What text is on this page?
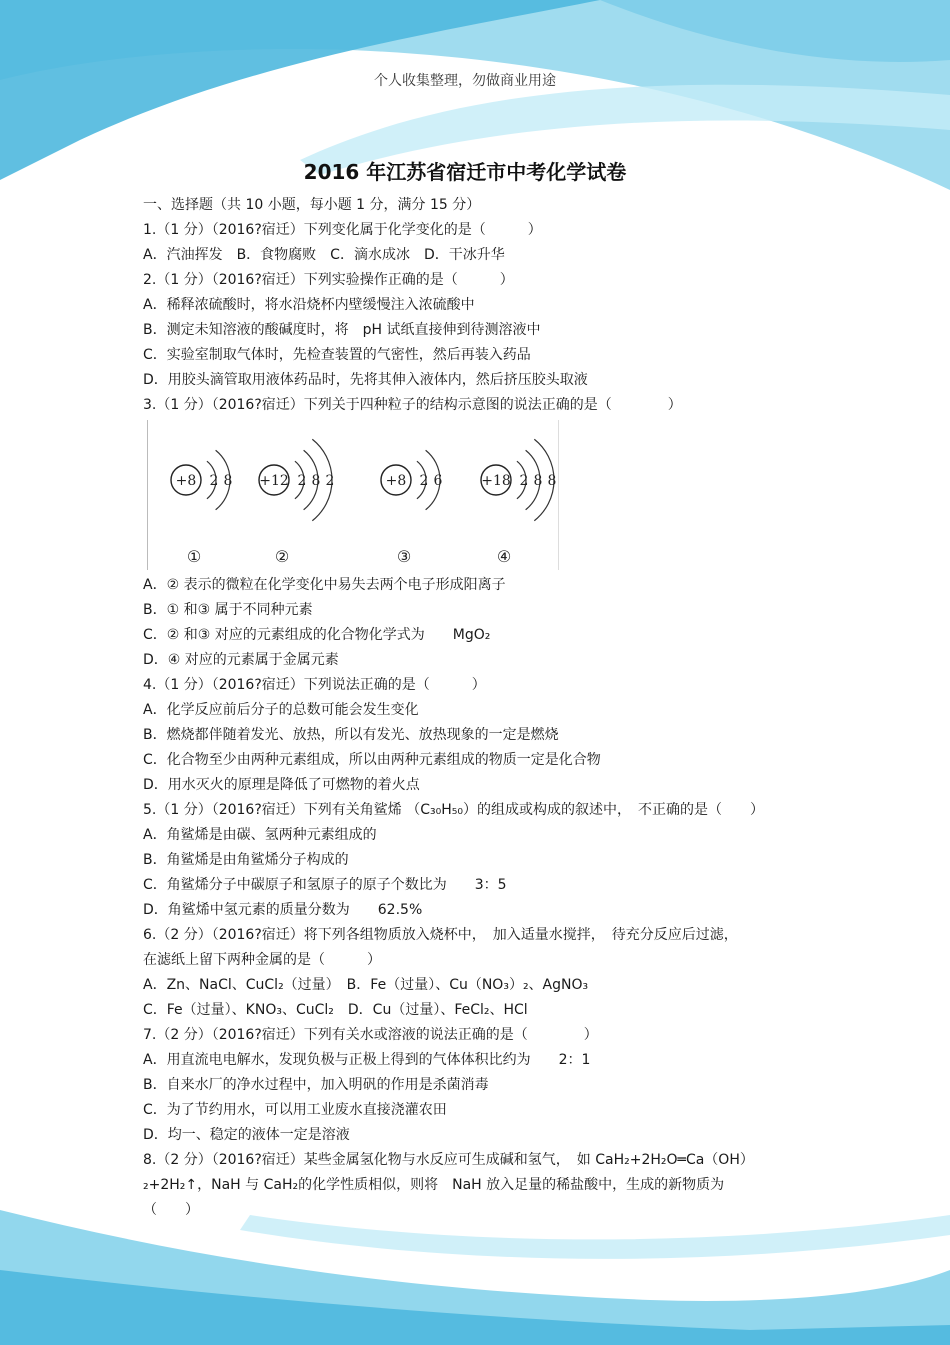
个人收集整理，勿做商业用途
2016 年江苏省宿迁市中考化学试卷
一、选择题（共 10 小题，每小题 1 分，满分 15 分）
1.（1 分）（2016?宿迁）下列变化属于化学变化的是（　　　）
A．汽油挥发　B．食物腐败　C．滴水成冰　D．干冰升华
2.（1 分）（2016?宿迁）下列实验操作正确的是（　　　）
A．稀释浓硫酸时，将水沿烧杯内壁缓慢注入浓硫酸中
B．测定未知溶液的酸碱度时，将　pH 试纸直接伸到待测溶液中
C．实验室制取气体时，先检查装置的气密性，然后再装入药品
D．用胶头滴管取用液体药品时，先将其伸入液体内，然后挤压胶头取液
3.（1 分）（2016?宿迁）下列关于四种粒子的结构示意图的说法正确的是（　　　　）
+8 2 8
①
+12 2 8 2
②
+8 2 6
③
+18 2 8 8
④
A．② 表示的微粒在化学变化中易失去两个电子形成阳离子
B．① 和③ 属于不同种元素
C．② 和③ 对应的元素组成的化合物化学式为　　MgO₂
D．④ 对应的元素属于金属元素
4.（1 分）（2016?宿迁）下列说法正确的是（　　　）
A．化学反应前后分子的总数可能会发生变化
B．燃烧都伴随着发光、放热，所以有发光、放热现象的一定是燃烧
C．化合物至少由两种元素组成，所以由两种元素组成的物质一定是化合物
D．用水灭火的原理是降低了可燃物的着火点
5.（1 分）（2016?宿迁）下列有关角鲨烯 （C₃₀H₅₀）的组成或构成的叙述中，　不正确的是（　　）
A．角鲨烯是由碳、氢两种元素组成的
B．角鲨烯是由角鲨烯分子构成的
C．角鲨烯分子中碳原子和氢原子的原子个数比为　　3：5
D．角鲨烯中氢元素的质量分数为　　62.5%
6.（2 分）（2016?宿迁）将下列各组物质放入烧杯中，　加入适量水搅拌，　待充分反应后过滤，
在滤纸上留下两种金属的是（　　　）
A．Zn、NaCl、CuCl₂（过量）　B．Fe（过量）、Cu（NO₃）₂、AgNO₃
C．Fe（过量）、KNO₃、CuCl₂　D．Cu（过量）、FeCl₂、HCl
7.（2 分）（2016?宿迁）下列有关水或溶液的说法正确的是（　　　　）
A．用直流电电解水，发现负极与正极上得到的气体体积比约为　　2：1
B．自来水厂的净水过程中，加入明矾的作用是杀菌消毒
C．为了节约用水，可以用工业废水直接浇灌农田
D．均一、稳定的液体一定是溶液
8.（2 分）（2016?宿迁）某些金属氢化物与水反应可生成碱和氢气，　如 CaH₂+2H₂O═Ca（OH）
₂+2H₂↑，NaH 与 CaH₂的化学性质相似，则将　NaH 放入足量的稀盐酸中，生成的新物质为
（　　）
